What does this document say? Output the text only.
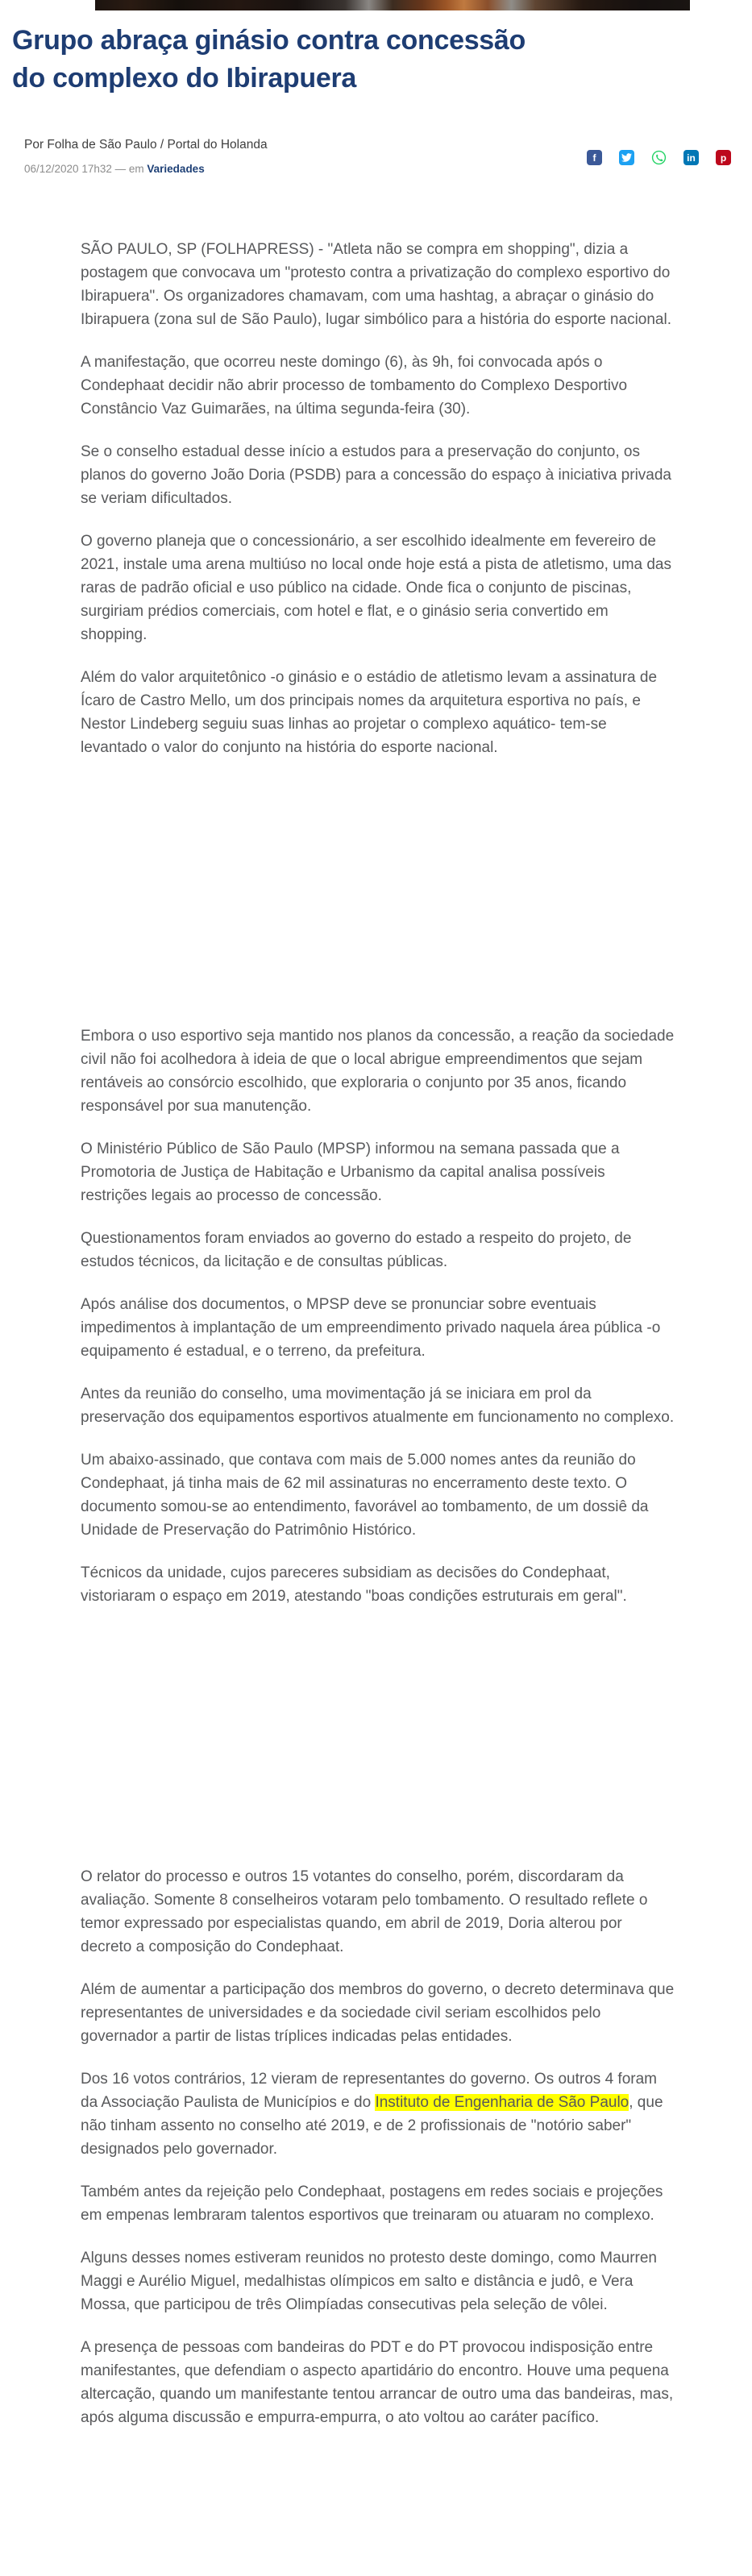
Grupo abraça ginásio contra concessão do complexo do Ibirapuera
Por Folha de São Paulo / Portal do Holanda
06/12/2020 17h32 — em Variedades
f	in	p

SÃO PAULO, SP (FOLHAPRESS) - "Atleta não se compra em shopping", dizia a postagem que convocava um "protesto contra a privatização do complexo esportivo do Ibirapuera". Os organizadores chamavam, com uma hashtag, a abraçar o ginásio do Ibirapuera (zona sul de São Paulo), lugar simbólico para a história do esporte nacional.

A manifestação, que ocorreu neste domingo (6), às 9h, foi convocada após o Condephaat decidir não abrir processo de tombamento do Complexo Desportivo Constâncio Vaz Guimarães, na última segunda-feira (30).

Se o conselho estadual desse início a estudos para a preservação do conjunto, os planos do governo João Doria (PSDB) para a concessão do espaço à iniciativa privada se veriam dificultados.

O governo planeja que o concessionário, a ser escolhido idealmente em fevereiro de 2021, instale uma arena multiúso no local onde hoje está a pista de atletismo, uma das raras de padrão oficial e uso público na cidade. Onde fica o conjunto de piscinas, surgiriam prédios comerciais, com hotel e flat, e o ginásio seria convertido em shopping.

Além do valor arquitetônico -o ginásio e o estádio de atletismo levam a assinatura de Ícaro de Castro Mello, um dos principais nomes da arquitetura esportiva no país, e Nestor Lindeberg seguiu suas linhas ao projetar o complexo aquático- tem-se levantado o valor do conjunto na história do esporte nacional.

Embora o uso esportivo seja mantido nos planos da concessão, a reação da sociedade civil não foi acolhedora à ideia de que o local abrigue empreendimentos que sejam rentáveis ao consórcio escolhido, que exploraria o conjunto por 35 anos, ficando responsável por sua manutenção.

O Ministério Público de São Paulo (MPSP) informou na semana passada que a Promotoria de Justiça de Habitação e Urbanismo da capital analisa possíveis restrições legais ao processo de concessão.

Questionamentos foram enviados ao governo do estado a respeito do projeto, de estudos técnicos, da licitação e de consultas públicas.

Após análise dos documentos, o MPSP deve se pronunciar sobre eventuais impedimentos à implantação de um empreendimento privado naquela área pública -o equipamento é estadual, e o terreno, da prefeitura.

Antes da reunião do conselho, uma movimentação já se iniciara em prol da preservação dos equipamentos esportivos atualmente em funcionamento no complexo.

Um abaixo-assinado, que contava com mais de 5.000 nomes antes da reunião do Condephaat, já tinha mais de 62 mil assinaturas no encerramento deste texto. O documento somou-se ao entendimento, favorável ao tombamento, de um dossiê da Unidade de Preservação do Patrimônio Histórico.

Técnicos da unidade, cujos pareceres subsidiam as decisões do Condephaat, vistoriaram o espaço em 2019, atestando "boas condições estruturais em geral".

O relator do processo e outros 15 votantes do conselho, porém, discordaram da avaliação. Somente 8 conselheiros votaram pelo tombamento. O resultado reflete o temor expressado por especialistas quando, em abril de 2019, Doria alterou por decreto a composição do Condephaat.

Além de aumentar a participação dos membros do governo, o decreto determinava que representantes de universidades e da sociedade civil seriam escolhidos pelo governador a partir de listas tríplices indicadas pelas entidades.

Dos 16 votos contrários, 12 vieram de representantes do governo. Os outros 4 foram da Associação Paulista de Municípios e do Instituto de Engenharia de São Paulo, que não tinham assento no conselho até 2019, e de 2 profissionais de "notório saber" designados pelo governador.

Também antes da rejeição pelo Condephaat, postagens em redes sociais e projeções em empenas lembraram talentos esportivos que treinaram ou atuaram no complexo.

Alguns desses nomes estiveram reunidos no protesto deste domingo, como Maurren Maggi e Aurélio Miguel, medalhistas olímpicos em salto e distância e judô, e Vera Mossa, que participou de três Olimpíadas consecutivas pela seleção de vôlei.

A presença de pessoas com bandeiras do PDT e do PT provocou indisposição entre manifestantes, que defendiam o aspecto apartidário do encontro. Houve uma pequena altercação, quando um manifestante tentou arrancar de outro uma das bandeiras, mas, após alguma discussão e empurra-empurra, o ato voltou ao caráter pacífico.
